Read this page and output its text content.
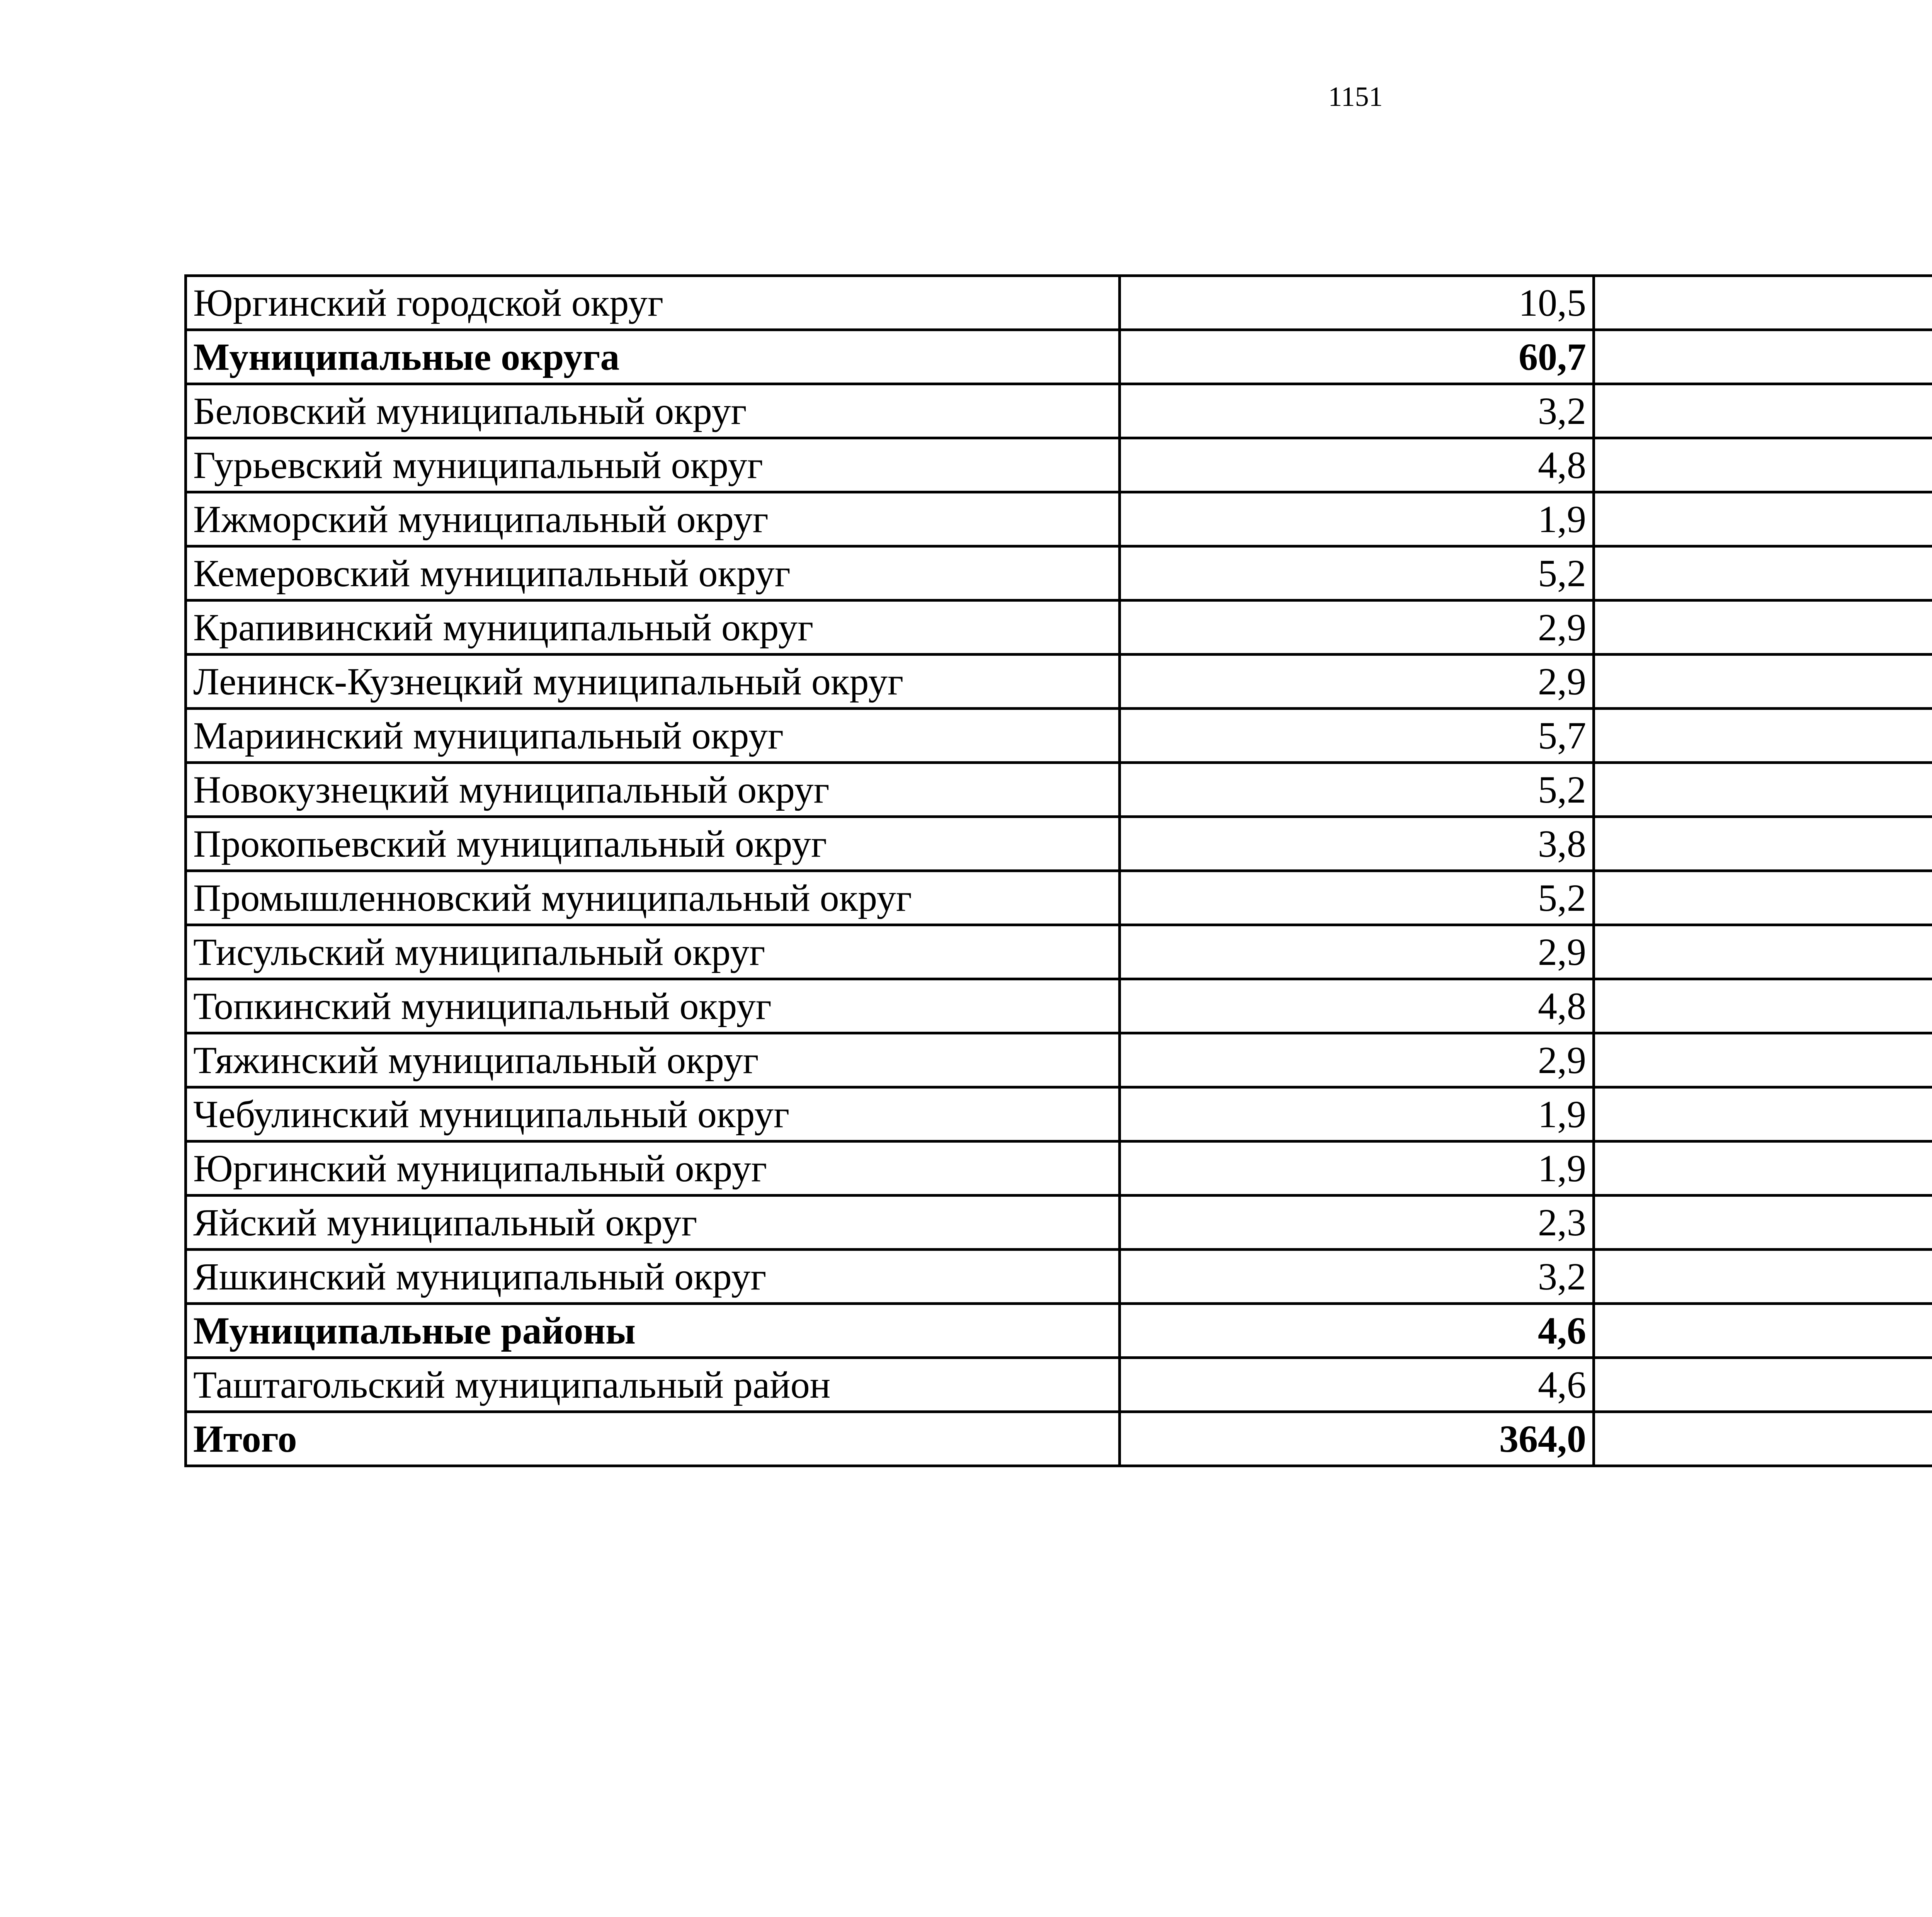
1151
Юргинский городской округ	10,5		
Муниципальные округа	60,7		
Беловский муниципальный округ	3,2		
Гурьевский муниципальный округ	4,8		
Ижморский муниципальный округ	1,9		
Кемеровский муниципальный округ	5,2		
Крапивинский муниципальный округ	2,9		
Ленинск-Кузнецкий муниципальный округ	2,9		
Мариинский муниципальный округ	5,7		
Новокузнецкий муниципальный округ	5,2		
Прокопьевский муниципальный округ	3,8		
Промышленновский муниципальный округ	5,2		
Тисульский муниципальный округ	2,9		
Топкинский муниципальный округ	4,8		
Тяжинский муниципальный округ	2,9		
Чебулинский муниципальный округ	1,9		
Юргинский муниципальный округ	1,9		
Яйский муниципальный округ	2,3		
Яшкинский муниципальный округ	3,2		
Муниципальные районы	4,6		
Таштагольский муниципальный район	4,6		
Итого	364,0		
